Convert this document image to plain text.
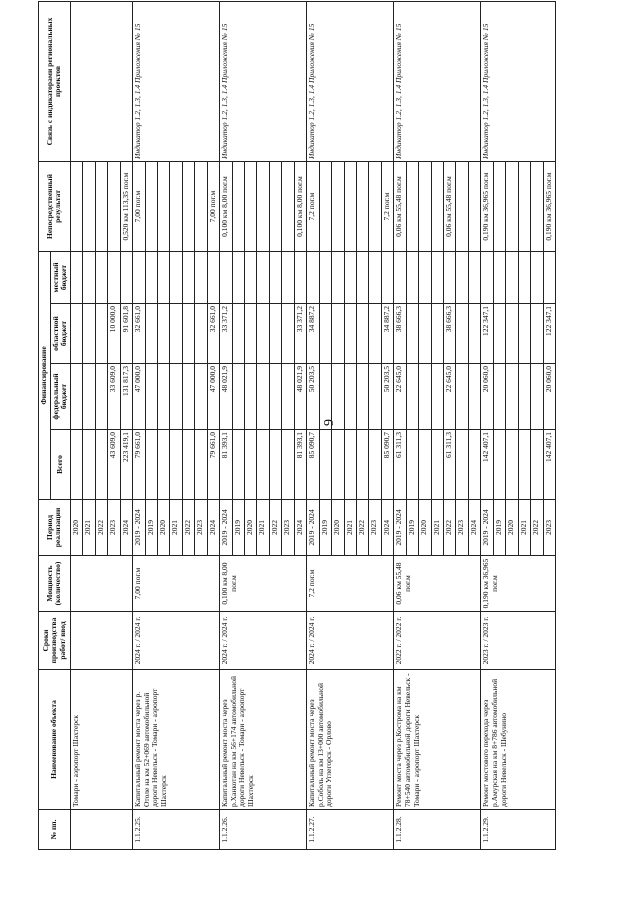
9
№ пп.	Наименование объекта	Сроки производства работ/ ввод	Мощность (количество)	Период реализации	Финансирование				Непосредственный результат	Связь с индикаторами региональных проектов
					Всего	федеральный бюджет	областной бюджет	местный бюджет		
	Томари - аэропорт Шахтерск			2020						
				2021						
				2022						
				2023	43 609,0	33 609,0	10 000,0			
				2024	223 419,1	131 817,3	91 601,8		0,520 км 113,35 пог.м	
1.1.2.25.	Капитальный ремонт моста через р. Отоле на км 52+069 автомобильной дороги Невельск - Томари - аэропорт Шахтерск	2024 г. / 2024 г.	7,00 пог.м	2019 - 2024	79 661,0	47 000,0	32 661,0		7,00 пог.м	Индикатор 1.2, 1.3, 1.4 Приложения № 15
				2019						
				2020						
				2021						
				2022						
				2023						
				2024	79 661,0	47 000,0	32 661,0		7,00 пог.м	
1.1.2.26.	Капитальный ремонт моста через р.Ханкотан на км 56+174 автомобильной дороги Невельск - Томари - аэропорт Шахтерск	2024 г. / 2024 г.	0,100 км 8,00 пог.м	2019 - 2024	81 393,1	48 021,9	33 371,2		0,100 км 8,00 пог.м	Индикатор 1.2, 1.3, 1.4 Приложения № 15
				2019						
				2020						
				2021						
				2022						
				2023						
				2024	81 393,1	48 021,9	33 371,2		0,100 км 8,00 пог.м	
1.1.2.27.	Капитальный ремонт моста через р.Соболь на км 13+000 автомобильной дороги Углегорск - Орлово	2024 г. / 2024 г.	7,2 пог.м	2019 - 2024	85 090,7	50 203,5	34 887,2		7,2 пог.м	Индикатор 1.2, 1.3, 1.4 Приложения № 15
				2019						
				2020						
				2021						
				2022						
				2023						
				2024	85 090,7	50 203,5	34 887,2		7,2 пог.м	
1.1.2.28.	Ремонт моста через р.Кострома на км 78+540 автомобильной дороги Невельск - Томари - аэропорт Шахтерск	2022 г. / 2022 г.	0,06 км 55,48 пог.м	2019 - 2024	61 311,3	22 645,0	38 666,3		0,06 км 55,48 пог.м	Индикатор 1.2, 1.3, 1.4 Приложения № 15
				2019						
				2020						
				2021						
				2022	61 311,3	22 645,0	38 666,3		0,06 км 55,48 пог.м	
				2023						
				2024						
1.1.2.29.	Ремонт мостового перехода через р.Амурская на км 8+786 автомобильной дороги Невельск - Шебунино	2023 г. / 2023 г.	0,190 км 36,965 пог.м	2019 - 2024	142 407,1	20 060,0	122 347,1		0,190 км 36,965 пог.м	Индикатор 1.2, 1.3, 1.4 Приложения № 15
				2019						
				2020						
				2021						
				2022						
				2023	142 407,1	20 060,0	122 347,1		0,190 км 36,965 пог.м	
